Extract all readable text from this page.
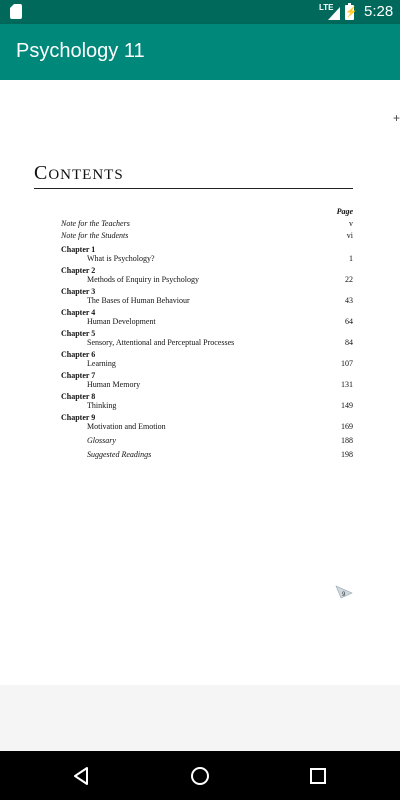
LTE ⚡ 5:28
Psychology 11
+
CONTENTS
Page
Note for the Teachers	v
Note for the Students	vi
Chapter 1
What is Psychology?	1
Chapter 2
Methods of Enquiry in Psychology	22
Chapter 3
The Bases of Human Behaviour	43
Chapter 4
Human Development	64
Chapter 5
Sensory, Attentional and Perceptual Processes	84
Chapter 6
Learning	107
Chapter 7
Human Memory	131
Chapter 8
Thinking	149
Chapter 9
Motivation and Emotion	169
Glossary	188
Suggested Readings	198
9
